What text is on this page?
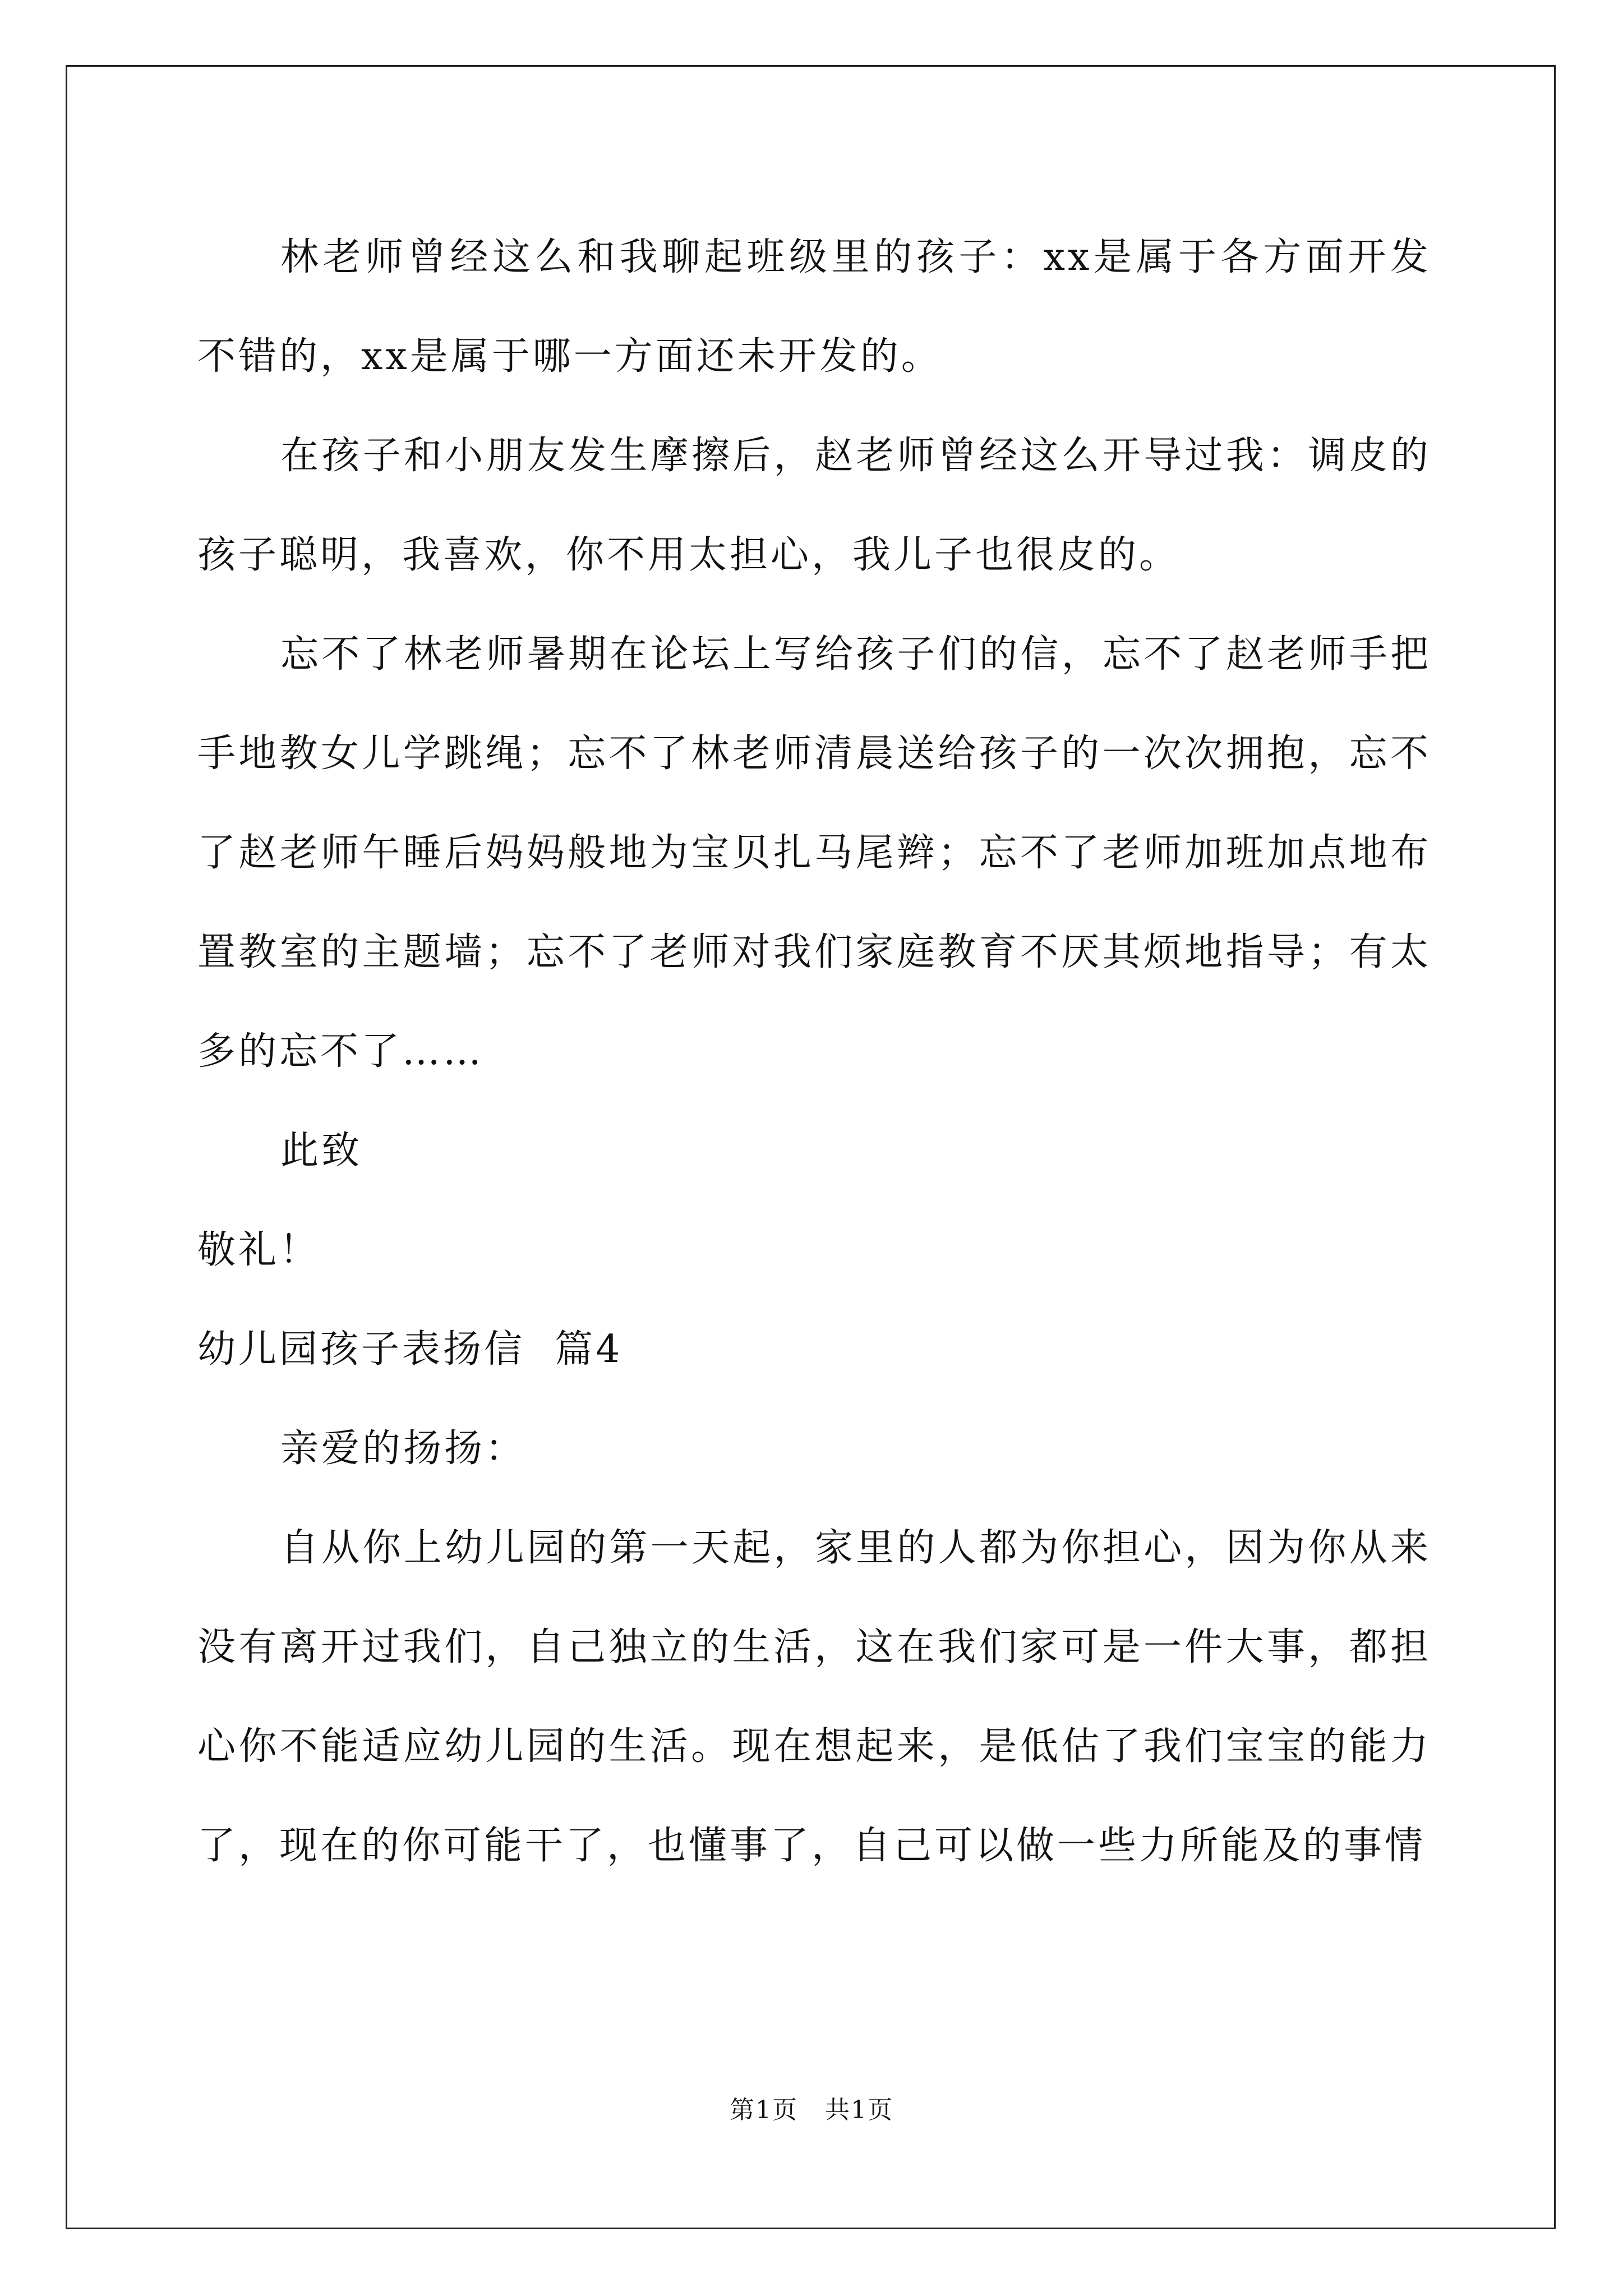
林老师曾经这么和我聊起班级里的孩子：xx是属于各方面开发不错的，xx是属于哪一方面还未开发的。

在孩子和小朋友发生摩擦后，赵老师曾经这么开导过我：调皮的孩子聪明，我喜欢，你不用太担心，我儿子也很皮的。

忘不了林老师暑期在论坛上写给孩子们的信，忘不了赵老师手把手地教女儿学跳绳；忘不了林老师清晨送给孩子的一次次拥抱，忘不了赵老师午睡后妈妈般地为宝贝扎马尾辫；忘不了老师加班加点地布置教室的主题墙；忘不了老师对我们家庭教育不厌其烦地指导；有太多的忘不了……

此致

敬礼！

幼儿园孩子表扬信  篇4

亲爱的扬扬：

自从你上幼儿园的第一天起，家里的人都为你担心，因为你从来没有离开过我们，自己独立的生活，这在我们家可是一件大事，都担心你不能适应幼儿园的生活。现在想起来，是低估了我们宝宝的能力了，现在的你可能干了，也懂事了，自己可以做一些力所能及的事情

第1页   共1页
